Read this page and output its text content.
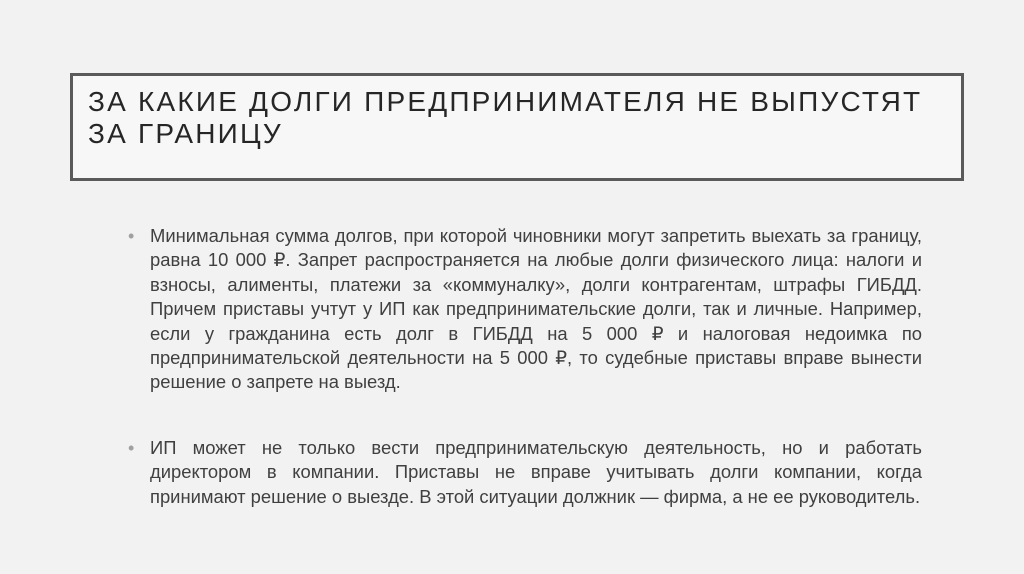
ЗА КАКИЕ ДОЛГИ ПРЕДПРИНИМАТЕЛЯ НЕ ВЫПУСТЯТ ЗА ГРАНИЦУ
• Минимальная сумма долгов, при которой чиновники могут запретить выехать за границу, равна 10 000 ₽. Запрет распространяется на любые долги физического лица: налоги и взносы, алименты, платежи за «коммуналку», долги контрагентам, штрафы ГИБДД. Причем приставы учтут у ИП как предпринимательские долги, так и личные. Например, если у гражданина есть долг в ГИБДД на 5 000 ₽ и налоговая недоимка по предпринимательской деятельности на 5 000 ₽, то судебные приставы вправе вынести решение о запрете на выезд.
• ИП может не только вести предпринимательскую деятельность, но и работать директором в компании. Приставы не вправе учитывать долги компании, когда принимают решение о выезде. В этой ситуации должник — фирма, а не ее руководитель.
